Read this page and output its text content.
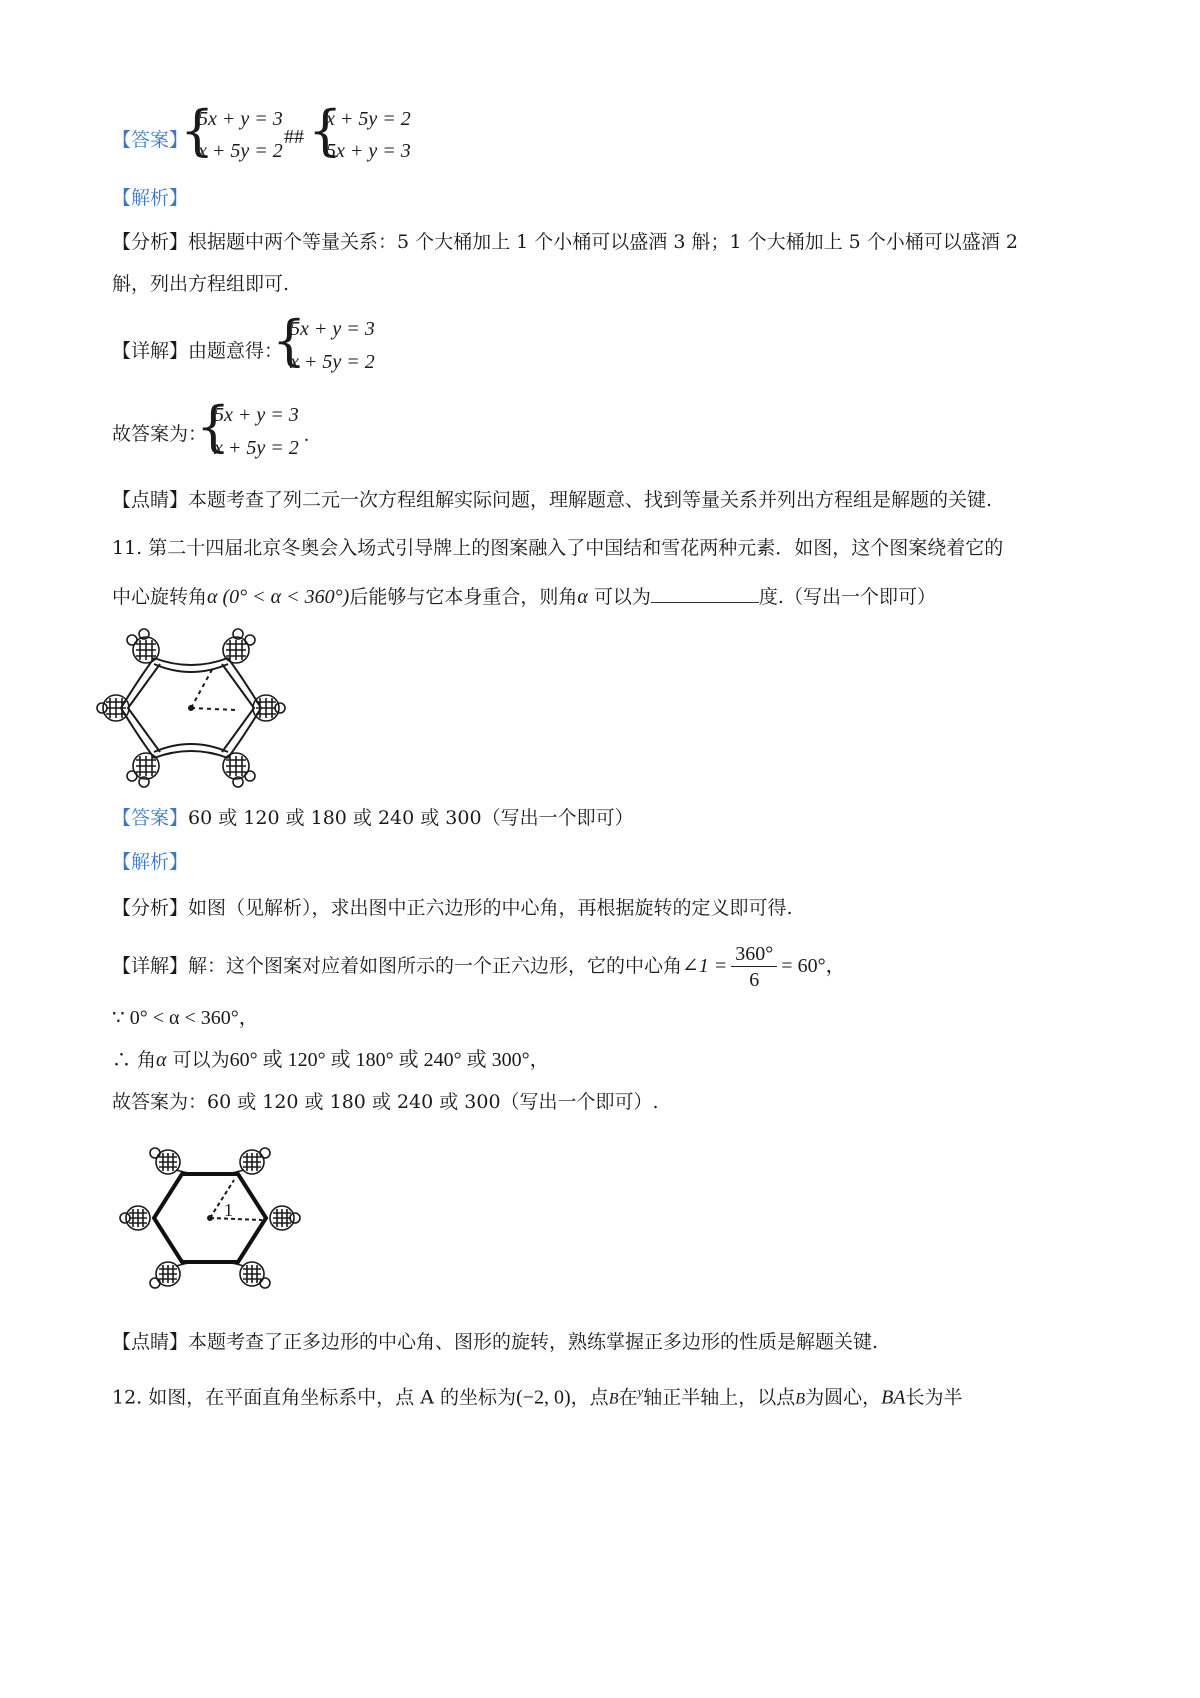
【答案】
{
5x + y = 3
x + 5y = 2
## {
x + 5y = 2
5x + y = 3
【解析】
【分析】根据题中两个等量关系：5 个大桶加上 1 个小桶可以盛酒 3 斛；1 个大桶加上 5 个小桶可以盛酒 2
斛，列出方程组即可.
【详解】由题意得：
{
5x + y = 3
x + 5y = 2
故答案为：
{
5x + y = 3
x + 5y = 2
.
【点睛】本题考查了列二元一次方程组解实际问题，理解题意、找到等量关系并列出方程组是解题的关键.
11. 第二十四届北京冬奥会入场式引导牌上的图案融入了中国结和雪花两种元素．如图，这个图案绕着它的
中心旋转角α (0° < α < 360°)后能够与它本身重合，则角α 可以为	度.（写出一个即可）
【答案】60 或 120 或 180 或 240 或 300（写出一个即可）
【解析】
【分析】如图（见解析），求出图中正六边形的中心角，再根据旋转的定义即可得.
【详解】解：这个图案对应着如图所示的一个正六边形，它的中心角∠1 = $\frac{360^\circ}{6} = 60^\circ$，
∵ 0° < α < 360°，
∴ 角α 可以为60° 或 120° 或 180° 或 240° 或 300°，
故答案为：60 或 120 或 180 或 240 或 300（写出一个即可）.
1
【点睛】本题考查了正多边形的中心角、图形的旋转，熟练掌握正多边形的性质是解题关键.
12. 如图，在平面直角坐标系中，点 A 的坐标为(−2, 0)，点B在$^y$轴正半轴上，以点B为圆心，BA长为半
